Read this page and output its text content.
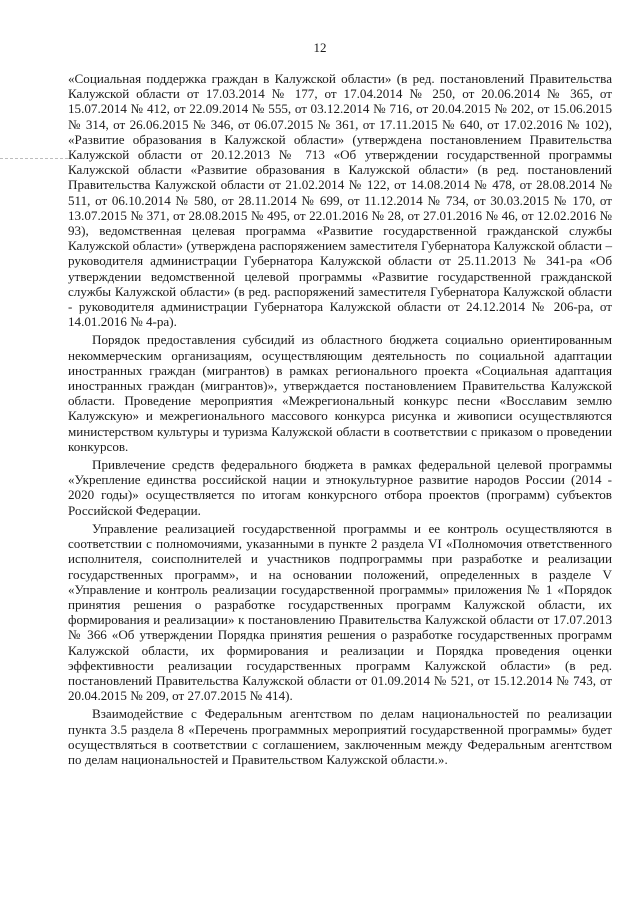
12

«Социальная поддержка граждан в Калужской области» (в ред. постановлений Правительства Калужской области от 17.03.2014 № 177, от 17.04.2014 № 250, от 20.06.2014 № 365, от 15.07.2014 № 412, от 22.09.2014 № 555, от 03.12.2014 № 716, от 20.04.2015 № 202, от 15.06.2015 № 314, от 26.06.2015 № 346, от 06.07.2015 № 361, от 17.11.2015 № 640, от 17.02.2016 № 102), «Развитие образования в Калужской области» (утверждена постановлением Правительства Калужской области от 20.12.2013 № 713 «Об утверждении государственной программы Калужской области «Развитие образования в Калужской области» (в ред. постановлений Правительства Калужской области от 21.02.2014 № 122, от 14.08.2014 № 478, от 28.08.2014 № 511, от 06.10.2014 № 580, от 28.11.2014 № 699, от 11.12.2014 № 734, от 30.03.2015 № 170, от 13.07.2015 № 371, от 28.08.2015 № 495, от 22.01.2016 № 28, от 27.01.2016 № 46, от 12.02.2016 № 93), ведомственная целевая программа «Развитие государственной гражданской службы Калужской области» (утверждена распоряжением заместителя Губернатора Калужской области – руководителя администрации Губернатора Калужской области от 25.11.2013 № 341-ра «Об утверждении ведомственной целевой программы «Развитие государственной гражданской службы Калужской области» (в ред. распоряжений заместителя Губернатора Калужской области - руководителя администрации Губернатора Калужской области от 24.12.2014 № 206-ра, от 14.01.2016 № 4-ра).

Порядок предоставления субсидий из областного бюджета социально ориентированным некоммерческим организациям, осуществляющим деятельность по социальной адаптации иностранных граждан (мигрантов) в рамках регионального проекта «Социальная адаптация иностранных граждан (мигрантов)», утверждается постановлением Правительства Калужской области. Проведение мероприятия «Межрегиональный конкурс песни «Восславим землю Калужскую» и межрегионального массового конкурса рисунка и живописи осуществляются министерством культуры и туризма Калужской области в соответствии с приказом о проведении конкурсов.

Привлечение средств федерального бюджета в рамках федеральной целевой программы «Укрепление единства российской нации и этнокультурное развитие народов России (2014 - 2020 годы)» осуществляется по итогам конкурсного отбора проектов (программ) субъектов Российской Федерации.

Управление реализацией государственной программы и ее контроль осуществляются в соответствии с полномочиями, указанными в пункте 2 раздела VI «Полномочия ответственного исполнителя, соисполнителей и участников подпрограммы при разработке и реализации государственных программ», и на основании положений, определенных в разделе V «Управление и контроль реализации государственной программы» приложения № 1 «Порядок принятия решения о разработке государственных программ Калужской области, их формирования и реализации» к постановлению Правительства Калужской области от 17.07.2013 № 366 «Об утверждении Порядка принятия решения о разработке государственных программ Калужской области, их формирования и реализации и Порядка проведения оценки эффективности реализации государственных программ Калужской области» (в ред. постановлений Правительства Калужской области от 01.09.2014 № 521, от 15.12.2014 № 743, от 20.04.2015 № 209, от 27.07.2015 № 414).

Взаимодействие с Федеральным агентством по делам национальностей по реализации пункта 3.5 раздела 8 «Перечень программных мероприятий государственной программы» будет осуществляться в соответствии с соглашением, заключенным между Федеральным агентством по делам национальностей и Правительством Калужской области.».
